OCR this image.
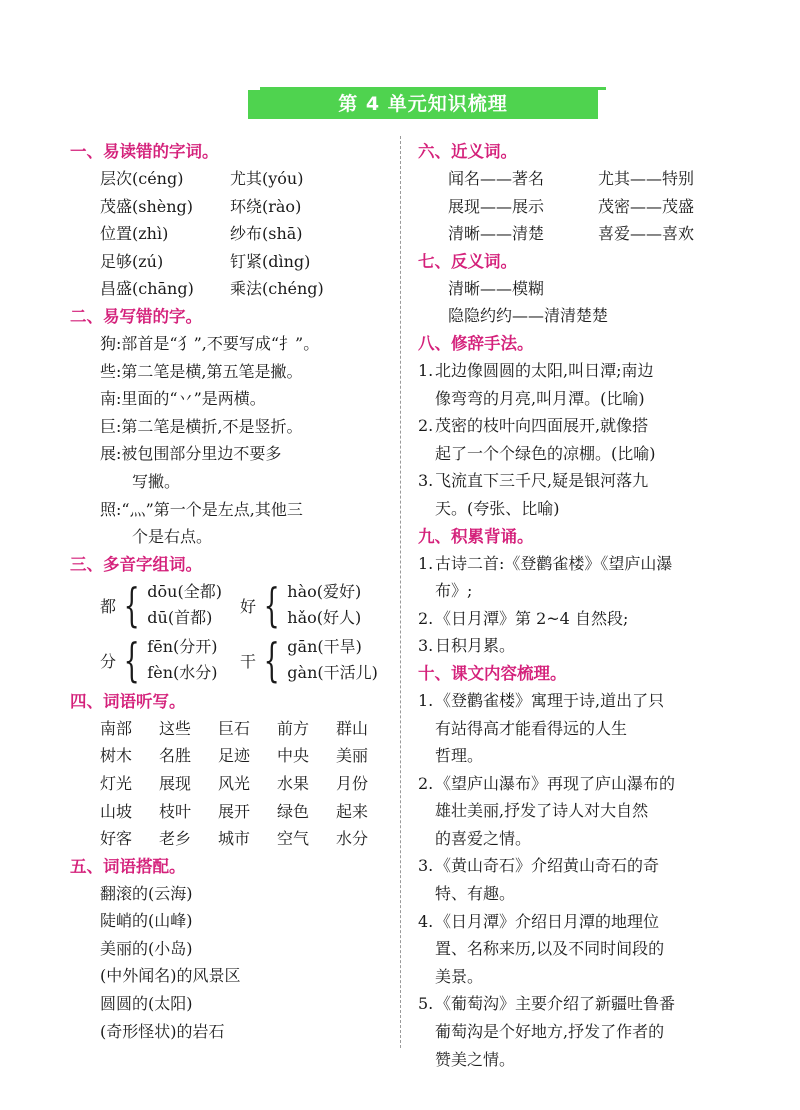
第 4 单元知识梳理
一、易读错的字词。
层次(céng)	尤其(yóu)
茂盛(shèng) 环绕(rào)
位置(zhì)	纱布(shā)
足够(zú)	钉紧(dìng)
昌盛(chāng) 乘法(chéng)
二、易写错的字。
狗:部首是“犭”,不要写成“扌”。
些:第二笔是横,第五笔是撇。
南:里面的“丷”是两横。
巨:第二笔是横折,不是竖折。
展:被包围部分里边不要多
写撇。
照:“灬”第一个是左点,其他三
个是右点。
三、多音字组词。
都 { dōu(全都)
dū(首都)
好 { hào(爱好)
hǎo(好人)
分 { fēn(分开)
fèn(水分)
干 { gān(干旱)
gàn(干活儿)
四、词语听写。
南部 这些 巨石 前方 群山
树木 名胜 足迹 中央 美丽
灯光 展现 风光 水果 月份
山坡 枝叶 展开 绿色 起来
好客 老乡 城市 空气 水分
五、词语搭配。
翻滚的(云海)
陡峭的(山峰)
美丽的(小岛)
(中外闻名)的风景区
圆圆的(太阳)
(奇形怪状)的岩石
六、近义词。
闻名——著名	尤其——特别
展现——展示	茂密——茂盛
清晰——清楚	喜爱——喜欢
七、反义词。
清晰——模糊
隐隐约约——清清楚楚
八、修辞手法。
1. 北边像圆圆的太阳,叫日潭;南边
像弯弯的月亮,叫月潭。(比喻)
2. 茂密的枝叶向四面展开,就像搭
起了一个个绿色的凉棚。(比喻)
3. 飞流直下三千尺,疑是银河落九
天。(夸张、比喻)
九、积累背诵。
1. 古诗二首:《登鹳雀楼》《望庐山瀑
布》;
2. 《日月潭》第 2~4 自然段;
3. 日积月累。
十、课文内容梳理。
1. 《登鹳雀楼》寓理于诗,道出了只
有站得高才能看得远的人生
哲理。
2. 《望庐山瀑布》再现了庐山瀑布的
雄壮美丽,抒发了诗人对大自然
的喜爱之情。
3. 《黄山奇石》介绍黄山奇石的奇
特、有趣。
4. 《日月潭》介绍日月潭的地理位
置、名称来历,以及不同时间段的
美景。
5. 《葡萄沟》主要介绍了新疆吐鲁番
葡萄沟是个好地方,抒发了作者的
赞美之情。
